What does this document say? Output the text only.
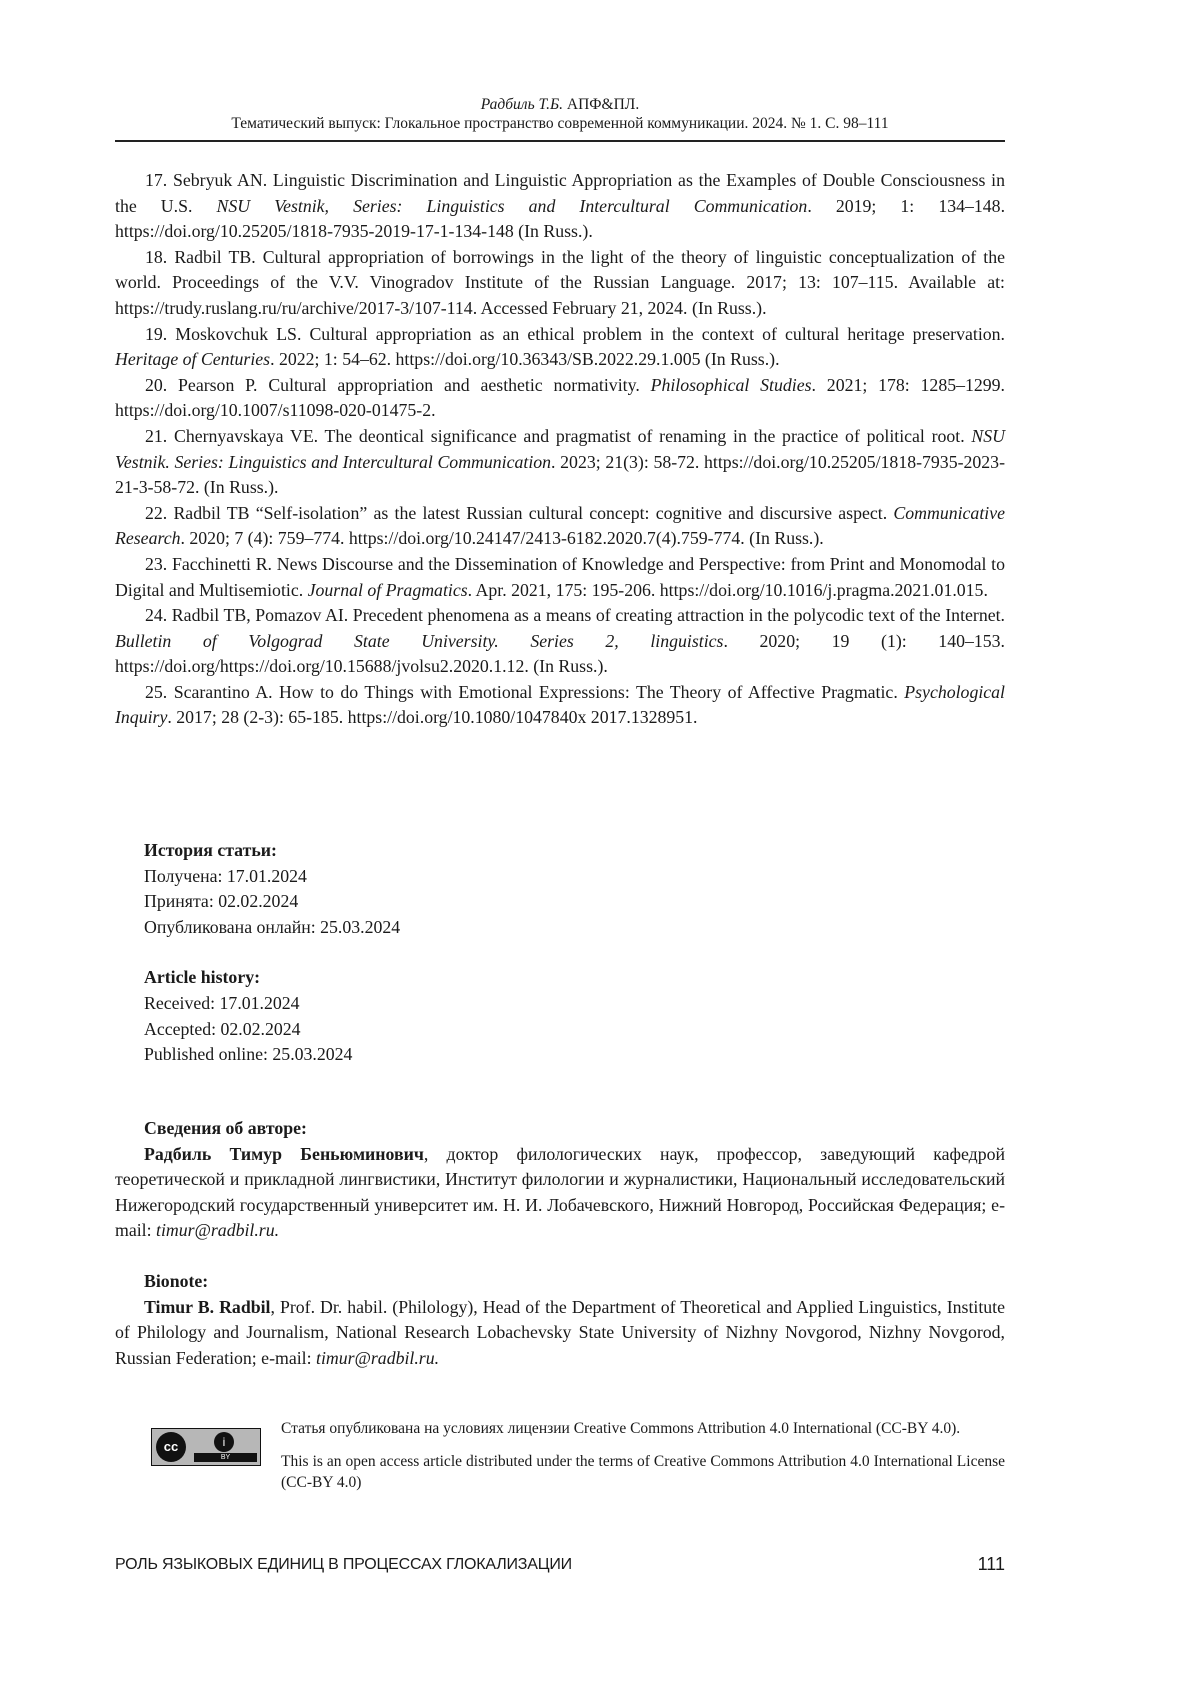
Радбиль Т.Б. АПФ&ПЛ.
Тематический выпуск: Глокальное пространство современной коммуникации. 2024. № 1. С. 98–111

17. Sebryuk AN. Linguistic Discrimination and Linguistic Appropriation as the Examples of Double Consciousness in the U.S. NSU Vestnik, Series: Linguistics and Intercultural Communication. 2019; 1: 134–148. https://doi.org/10.25205/1818-7935-2019-17-1-134-148 (In Russ.).

18. Radbil TB. Cultural appropriation of borrowings in the light of the theory of linguistic conceptualization of the world. Proceedings of the V.V. Vinogradov Institute of the Russian Language. 2017; 13: 107–115. Available at: https://trudy.ruslang.ru/ru/archive/2017-3/107-114. Accessed February 21, 2024. (In Russ.).

19. Moskovchuk LS. Cultural appropriation as an ethical problem in the context of cultural heritage preservation. Heritage of Centuries. 2022; 1: 54–62. https://doi.org/10.36343/SB.2022.29.1.005 (In Russ.).

20. Pearson P. Cultural appropriation and aesthetic normativity. Philosophical Studies. 2021; 178: 1285–1299. https://doi.org/10.1007/s11098-020-01475-2.

21. Chernyavskaya VE. The deontical significance and pragmatist of renaming in the practice of political root. NSU Vestnik. Series: Linguistics and Intercultural Communication. 2023; 21(3): 58-72. https://doi.org/10.25205/1818-7935-2023-21-3-58-72. (In Russ.).

22. Radbil TB “Self-isolation” as the latest Russian cultural concept: cognitive and discursive aspect. Communicative Research. 2020; 7 (4): 759–774. https://doi.org/10.24147/2413-6182.2020.7(4).759-774. (In Russ.).

23. Facchinetti R. News Discourse and the Dissemination of Knowledge and Perspective: from Print and Monomodal to Digital and Multisemiotic. Journal of Pragmatics. Apr. 2021, 175: 195-206. https://doi.org/10.1016/j.pragma.2021.01.015.

24. Radbil TB, Pomazov AI. Precedent phenomena as a means of creating attraction in the polycodic text of the Internet. Bulletin of Volgograd State University. Series 2, linguistics. 2020; 19 (1): 140–153. https://doi.org/https://doi.org/10.15688/jvolsu2.2020.1.12. (In Russ.).

25. Scarantino A. How to do Things with Emotional Expressions: The Theory of Affective Pragmatic. Psychological Inquiry. 2017; 28 (2-3): 65-185. https://doi.org/10.1080/1047840x 2017.1328951.

История статьи:
Получена: 17.01.2024
Принята: 02.02.2024
Опубликована онлайн: 25.03.2024
Article history:
Received: 17.01.2024
Accepted: 02.02.2024
Published online: 25.03.2024
Сведения об авторе:

Радбиль Тимур Беньюминович, доктор филологических наук, профессор, заведующий кафедрой теоретической и прикладной лингвистики, Институт филологии и журналистики, Национальный исследовательский Нижегородский государственный университет им. Н. И. Лобачевского, Нижний Новгород, Российская Федерация; e-mail: timur@radbil.ru.

Bionote:

Timur B. Radbil, Prof. Dr. habil. (Philology), Head of the Department of Theoretical and Applied Linguistics, Institute of Philology and Journalism, National Research Lobachevsky State University of Nizhny Novgorod, Nizhny Novgorod, Russian Federation; e-mail: timur@radbil.ru.

cc	i
BY

Статья опубликована на условиях лицензии Creative Commons Attribution 4.0 International (CC-BY 4.0).

This is an open access article distributed under the terms of Creative Commons Attribution 4.0 International License (CC-BY 4.0)

РОЛЬ ЯЗЫКОВЫХ ЕДИНИЦ В ПРОЦЕССАХ ГЛОКАЛИЗАЦИИ	111
